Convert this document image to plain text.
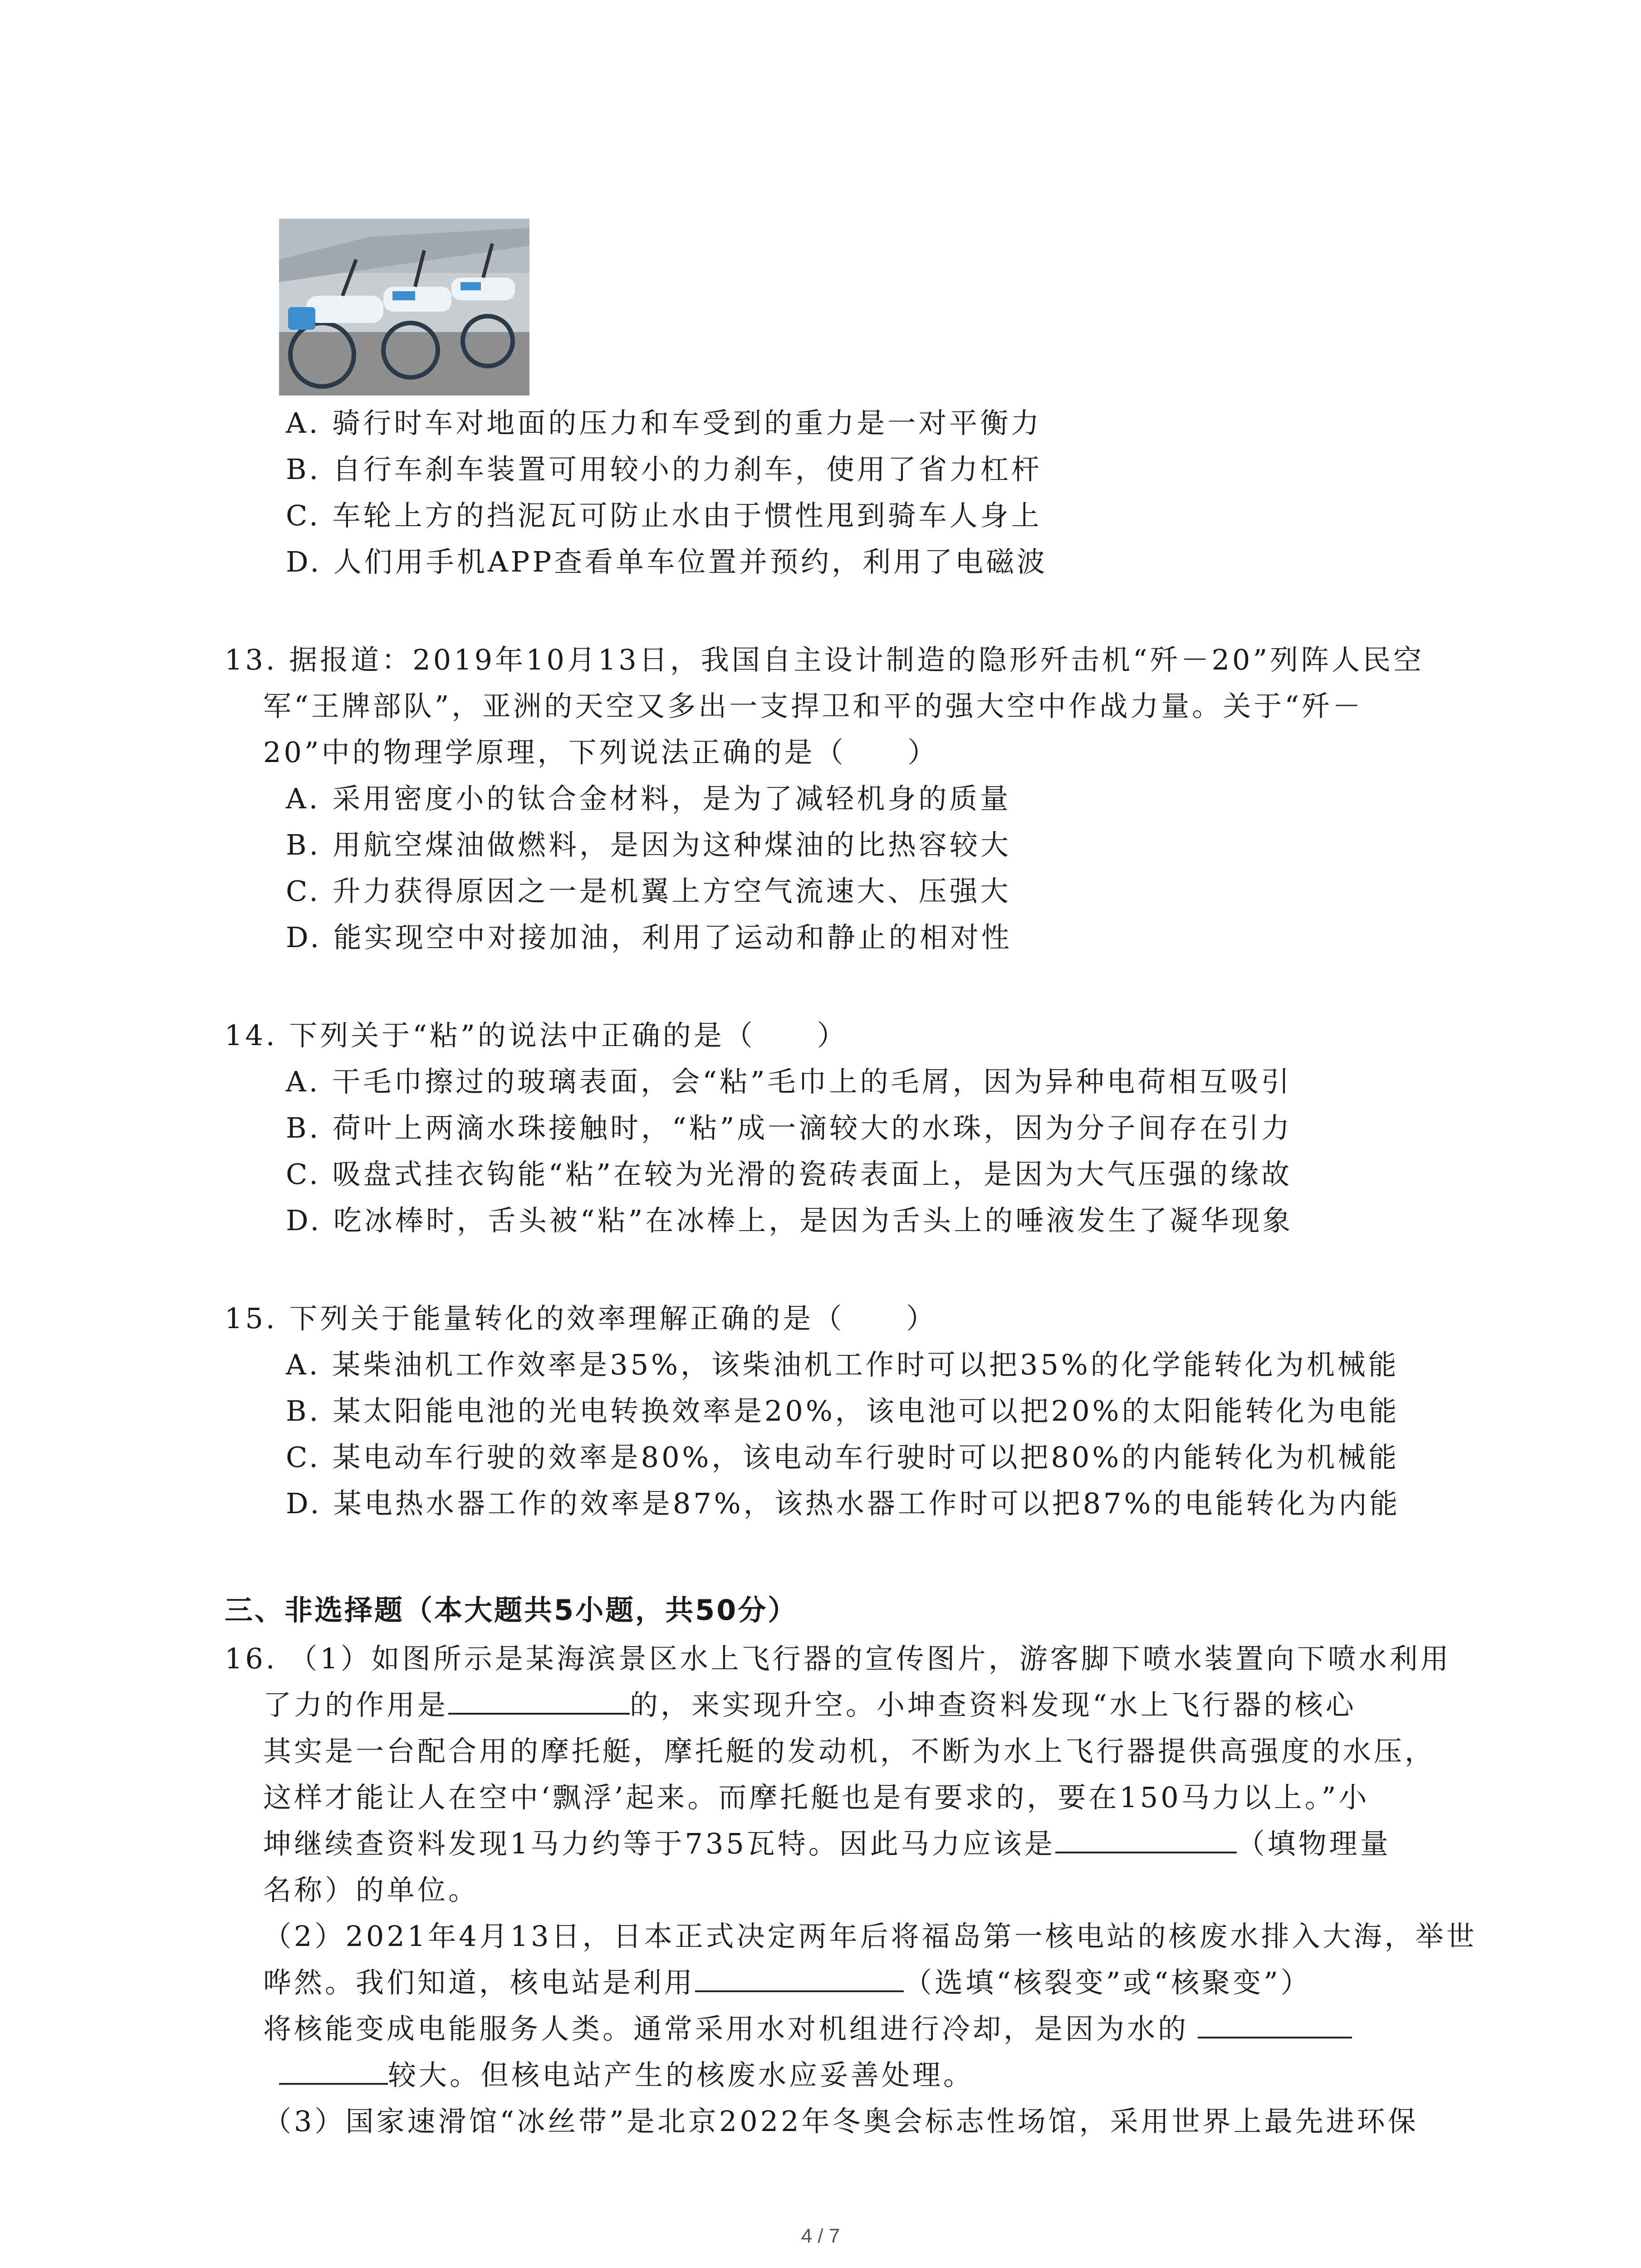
A. 骑行时车对地面的压力和车受到的重力是一对平衡力
B. 自行车刹车装置可用较小的力刹车，使用了省力杠杆
C. 车轮上方的挡泥瓦可防止水由于惯性甩到骑车人身上
D. 人们用手机APP查看单车位置并预约，利用了电磁波
13. 据报道：2019年10月13日，我国自主设计制造的隐形歼击机“歼－20”列阵人民空
军“王牌部队”，亚洲的天空又多出一支捍卫和平的强大空中作战力量。关于“歼－
20”中的物理学原理，下列说法正确的是（　　）
A. 采用密度小的钛合金材料，是为了减轻机身的质量
B. 用航空煤油做燃料，是因为这种煤油的比热容较大
C. 升力获得原因之一是机翼上方空气流速大、压强大
D. 能实现空中对接加油，利用了运动和静止的相对性
14. 下列关于“粘”的说法中正确的是（　　）
A. 干毛巾擦过的玻璃表面，会“粘”毛巾上的毛屑，因为异种电荷相互吸引
B. 荷叶上两滴水珠接触时，“粘”成一滴较大的水珠，因为分子间存在引力
C. 吸盘式挂衣钩能“粘”在较为光滑的瓷砖表面上，是因为大气压强的缘故
D. 吃冰棒时，舌头被“粘”在冰棒上，是因为舌头上的唾液发生了凝华现象
15. 下列关于能量转化的效率理解正确的是（　　）
A. 某柴油机工作效率是35%，该柴油机工作时可以把35%的化学能转化为机械能
B. 某太阳能电池的光电转换效率是20%，该电池可以把20%的太阳能转化为电能
C. 某电动车行驶的效率是80%，该电动车行驶时可以把80%的内能转化为机械能
D. 某电热水器工作的效率是87%，该热水器工作时可以把87%的电能转化为内能
三、非选择题（本大题共5小题，共50分）
16. （1）如图所示是某海滨景区水上飞行器的宣传图片，游客脚下喷水装置向下喷水利用
了力的作用是	的，来实现升空。小坤查资料发现“水上飞行器的核心
其实是一台配合用的摩托艇，摩托艇的发动机，不断为水上飞行器提供高强度的水压，
这样才能让人在空中‘飘浮’起来。而摩托艇也是有要求的，要在150马力以上。”小
坤继续查资料发现1马力约等于735瓦特。因此马力应该是	（填物理量
名称）的单位。
（2）2021年4月13日，日本正式决定两年后将福岛第一核电站的核废水排入大海，举世
哗然。我们知道，核电站是利用	（选填“核裂变”或“核聚变”）
将核能变成电能服务人类。通常采用水对机组进行冷却，是因为水的
较大。但核电站产生的核废水应妥善处理。
（3）国家速滑馆“冰丝带”是北京2022年冬奥会标志性场馆，采用世界上最先进环保
4 / 7
